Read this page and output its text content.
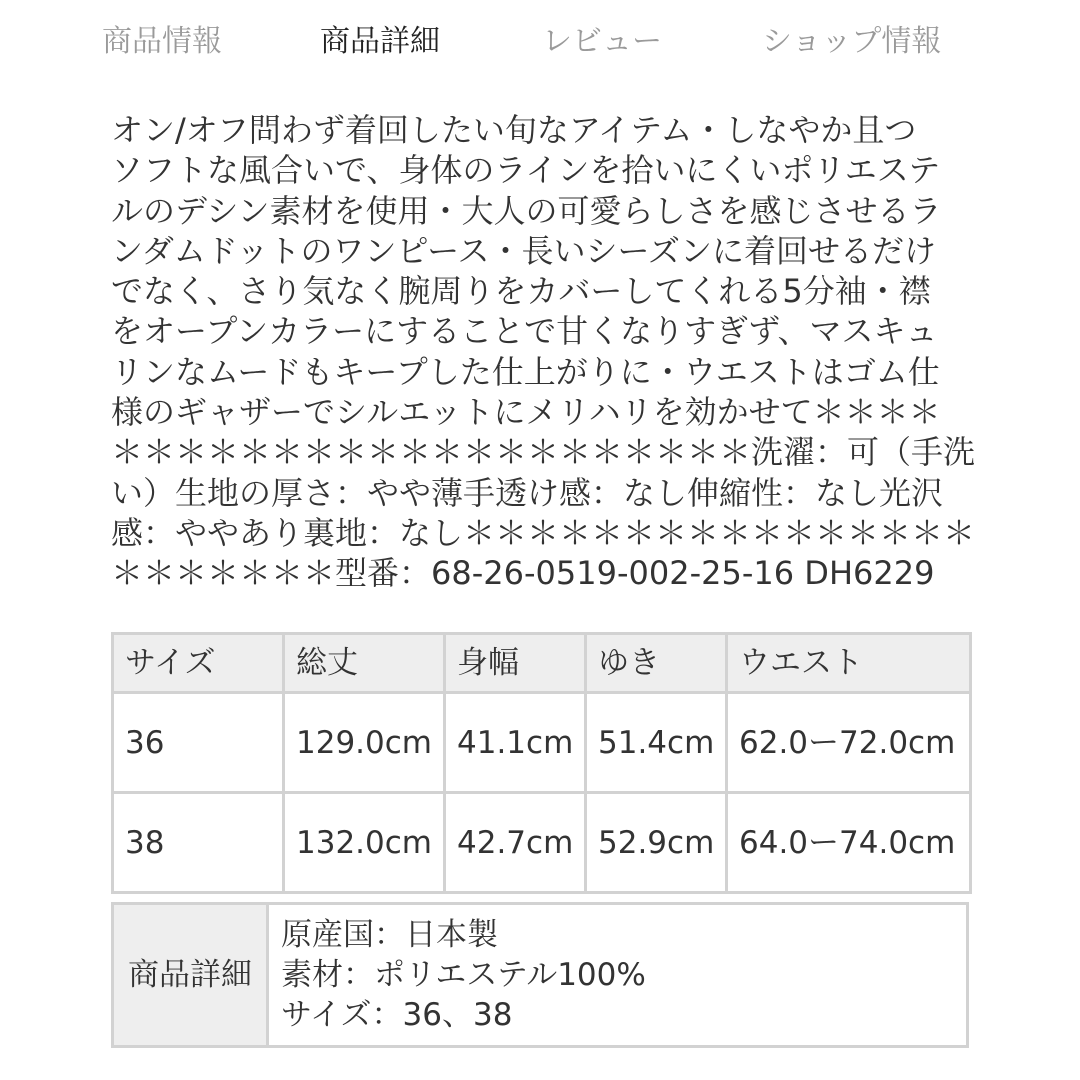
商品情報	商品詳細	レビュー	ショップ情報
オン/オフ問わず着回したい旬なアイテム・しなやか且つ
ソフトな風合いで、身体のラインを拾いにくいポリエステ
ルのデシン素材を使用・大人の可愛らしさを感じさせるラ
ンダムドットのワンピース・長いシーズンに着回せるだけ
でなく、さり気なく腕周りをカバーしてくれる5分袖・襟
をオープンカラーにすることで甘くなりすぎず、マスキュ
リンなムードもキープした仕上がりに・ウエストはゴム仕
様のギャザーでシルエットにメリハリを効かせて＊＊＊＊
＊＊＊＊＊＊＊＊＊＊＊＊＊＊＊＊＊＊＊＊洗濯：可（手洗
い）生地の厚さ：やや薄手透け感：なし伸縮性：なし光沢
感：ややあり裏地：なし＊＊＊＊＊＊＊＊＊＊＊＊＊＊＊＊
＊＊＊＊＊＊＊型番：68-26-0519-002-25-16 DH6229
サイズ	総丈	身幅	ゆき	ウエスト
36	129.0cm	41.1cm	51.4cm	62.0ー72.0cm
38	132.0cm	42.7cm	52.9cm	64.0ー74.0cm
商品詳細	
原産国：日本製
素材：ポリエステル100%
サイズ：36、38
